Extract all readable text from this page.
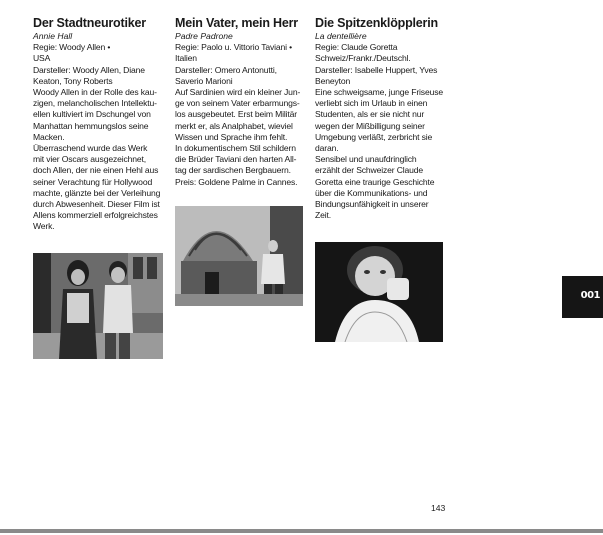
Der Stadtneurotiker

Annie Hall

Regie: Woody Allen •

USA

Darsteller: Woody Allen, Diane

Keaton, Tony Roberts

Woody Allen in der Rolle des kau-

zigen, melancholischen Intellektu-

ellen kultiviert im Dschungel von

Manhattan hemmungslos seine

Macken.

Überraschend wurde das Werk

mit vier Oscars ausgezeichnet,

doch Allen, der nie einen Hehl aus

seiner Verachtung für Hollywood

machte, glänzte bei der Verleihung

durch Abwesenheit. Dieser Film ist

Allens kommerziell erfolgreichstes

Werk.

Mein Vater, mein Herr

Padre Padrone

Regie: Paolo u. Vittorio Taviani •

Italien

Darsteller: Omero Antonutti,

Saverio Marioni

Auf Sardinien wird ein kleiner Jun-

ge von seinem Vater erbarmungs-

los ausgebeutet. Erst beim Militär

merkt er, als Analphabet, wieviel

Wissen und Sprache ihm fehlt.

In dokumentischem Stil schildern

die Brüder Taviani den harten All-

tag der sardischen Bergbauern.

Preis: Goldene Palme in Cannes.

Die Spitzenklöpplerin

La dentellière

Regie: Claude Goretta

Schweiz/Frankr./Deutschl.

Darsteller: Isabelle Huppert, Yves

Beneyton

Eine schweigsame, junge Friseuse

verliebt sich im Urlaub in einen

Studenten, als er sie nicht nur

wegen der Mißbilligung seiner

Umgebung verläßt, zerbricht sie

daran.

Sensibel und unaufdringlich

erzählt der Schweizer Claude

Goretta eine traurige Geschichte

über die Kommunikations- und

Bindungsunfähigkeit in unserer

Zeit.

001
143
